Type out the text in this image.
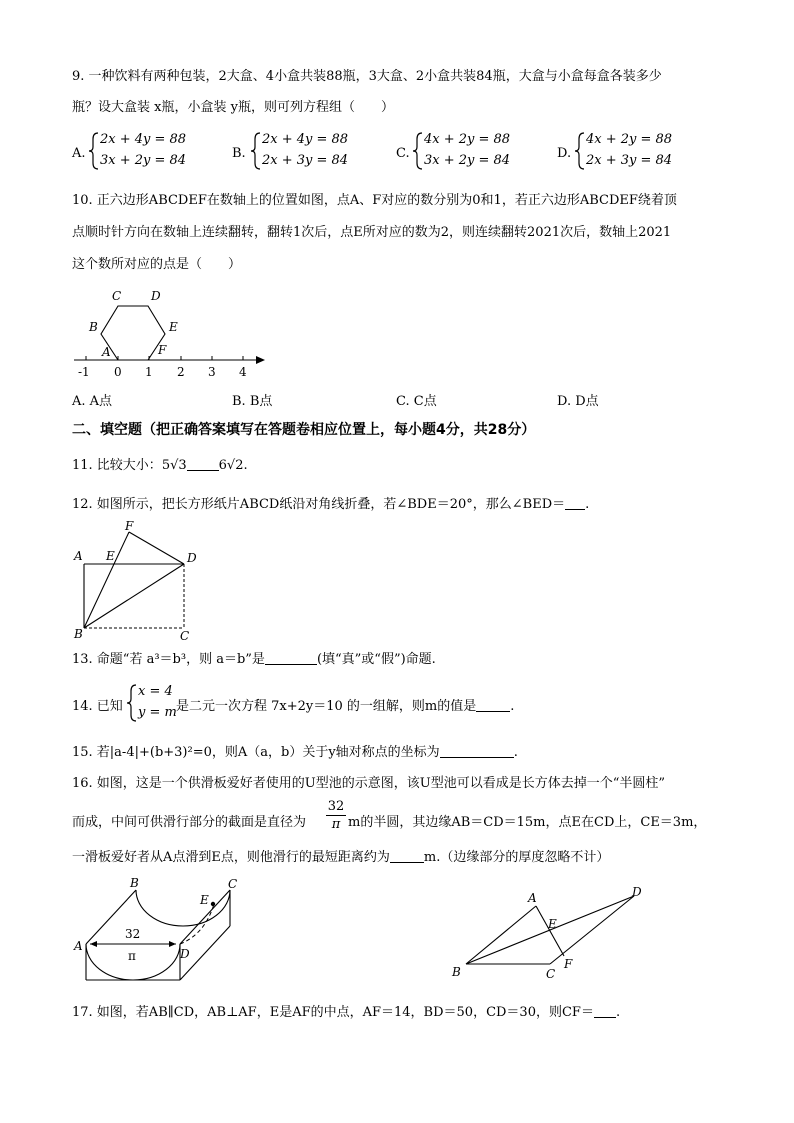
9. 一种饮料有两种包装，2大盒、4小盒共装88瓶，3大盒、2小盒共装84瓶，大盒与小盒每盒各装多少
瓶？设大盒装 x瓶，小盒装 y瓶，则可列方程组（　　）
A.
2x + 4y = 88
3x + 2y = 84	B.
2x + 4y = 88
2x + 3y = 84	C.
4x + 2y = 88
3x + 2y = 84	D.
4x + 2y = 88
2x + 3y = 84
10. 正六边形ABCDEF在数轴上的位置如图，点A、F对应的数分别为0和1，若正六边形ABCDEF绕着顶
点顺时针方向在数轴上连续翻转，翻转1次后，点E所对应的数为2，则连续翻转2021次后，数轴上2021
这个数所对应的点是（　　）
C D
B	E
A	F
-1 0 1 2 3 4
A. A点	B. B点	C. C点	D. D点
二、填空题（把正确答案填写在答题卷相应位置上，每小题4分，共28分）
11. 比较大小：5√3 6√2.
12. 如图所示，把长方形纸片ABCD纸沿对角线折叠，若∠BDE＝20°，那么∠BED＝ .
F
A E	D
B	C
13. 命题“若 a³＝b³，则 a＝b”是	(填“真”或“假”)命题.
14. 已知
x = 4
y = m 是二元一次方程 7x+2y＝10 的一组解，则m的值是	.
15. 若|a-4|+(b+3)²=0，则A（a，b）关于y轴对称点的坐标为	.
16. 如图，这是一个供滑板爱好者使用的U型池的示意图，该U型池可以看成是长方体去掉一个“半圆柱”
而成，中间可供滑行部分的截面是直径为
32
π m的半圆，其边缘AB＝CD＝15m，点E在CD上，CE＝3m，
一滑板爱好者从A点滑到E点，则他滑行的最短距离约为	m.（边缘部分的厚度忽略不计）
B
E
C
A
D
32
π
A	D
E
B	C
F
17. 如图，若AB∥CD，AB⊥AF，E是AF的中点，AF＝14，BD＝50，CD＝30，则CF＝ .
